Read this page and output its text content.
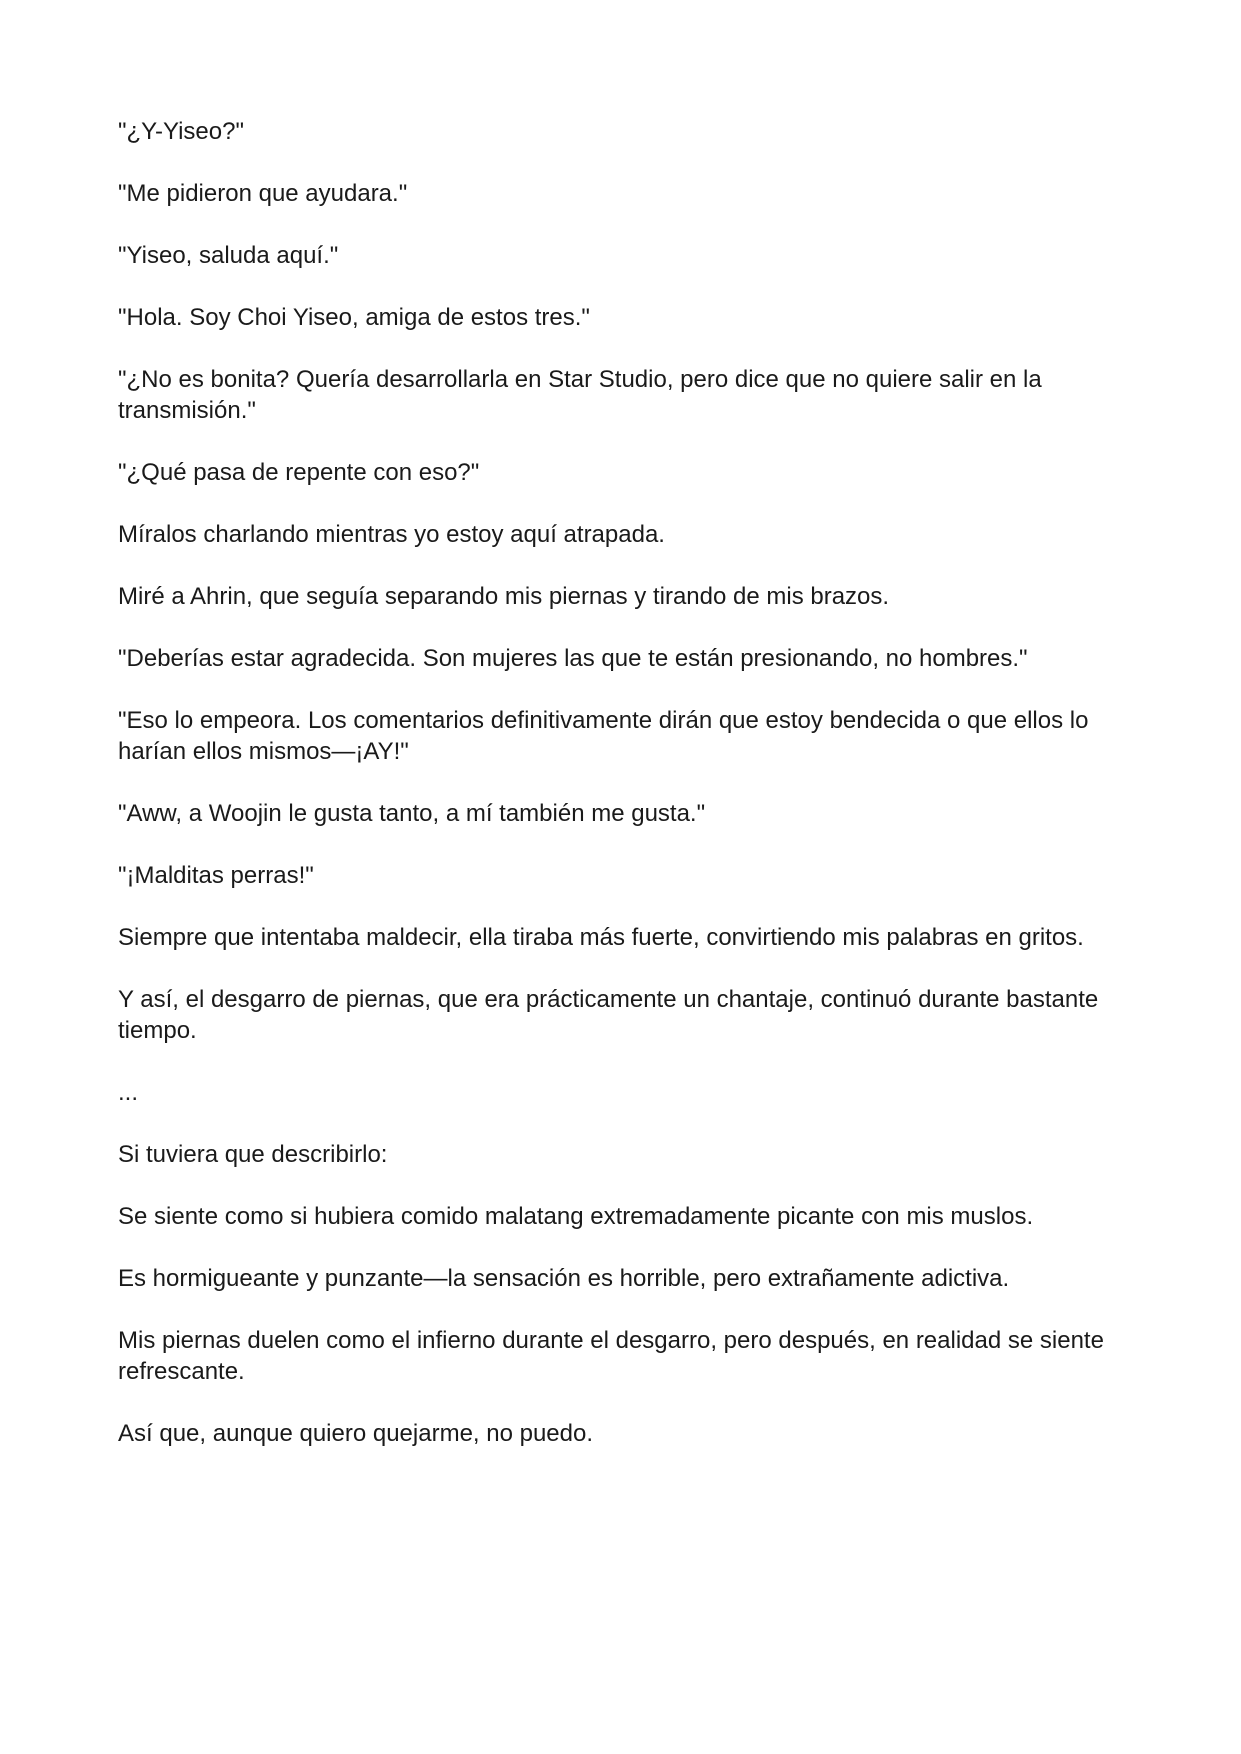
"¿Y-Yiseo?"

"Me pidieron que ayudara."

"Yiseo, saluda aquí."

"Hola. Soy Choi Yiseo, amiga de estos tres."

"¿No es bonita? Quería desarrollarla en Star Studio, pero dice que no quiere salir en la transmisión."

"¿Qué pasa de repente con eso?"

Míralos charlando mientras yo estoy aquí atrapada.

Miré a Ahrin, que seguía separando mis piernas y tirando de mis brazos.

"Deberías estar agradecida. Son mujeres las que te están presionando, no hombres."

"Eso lo empeora. Los comentarios definitivamente dirán que estoy bendecida o que ellos lo harían ellos mismos—¡AY!"

"Aww, a Woojin le gusta tanto, a mí también me gusta."

"¡Malditas perras!"

Siempre que intentaba maldecir, ella tiraba más fuerte, convirtiendo mis palabras en gritos.

Y así, el desgarro de piernas, que era prácticamente un chantaje, continuó durante bastante tiempo.

...

Si tuviera que describirlo:

Se siente como si hubiera comido malatang extremadamente picante con mis muslos.

Es hormigueante y punzante—la sensación es horrible, pero extrañamente adictiva.

Mis piernas duelen como el infierno durante el desgarro, pero después, en realidad se siente refrescante.

Así que, aunque quiero quejarme, no puedo.
